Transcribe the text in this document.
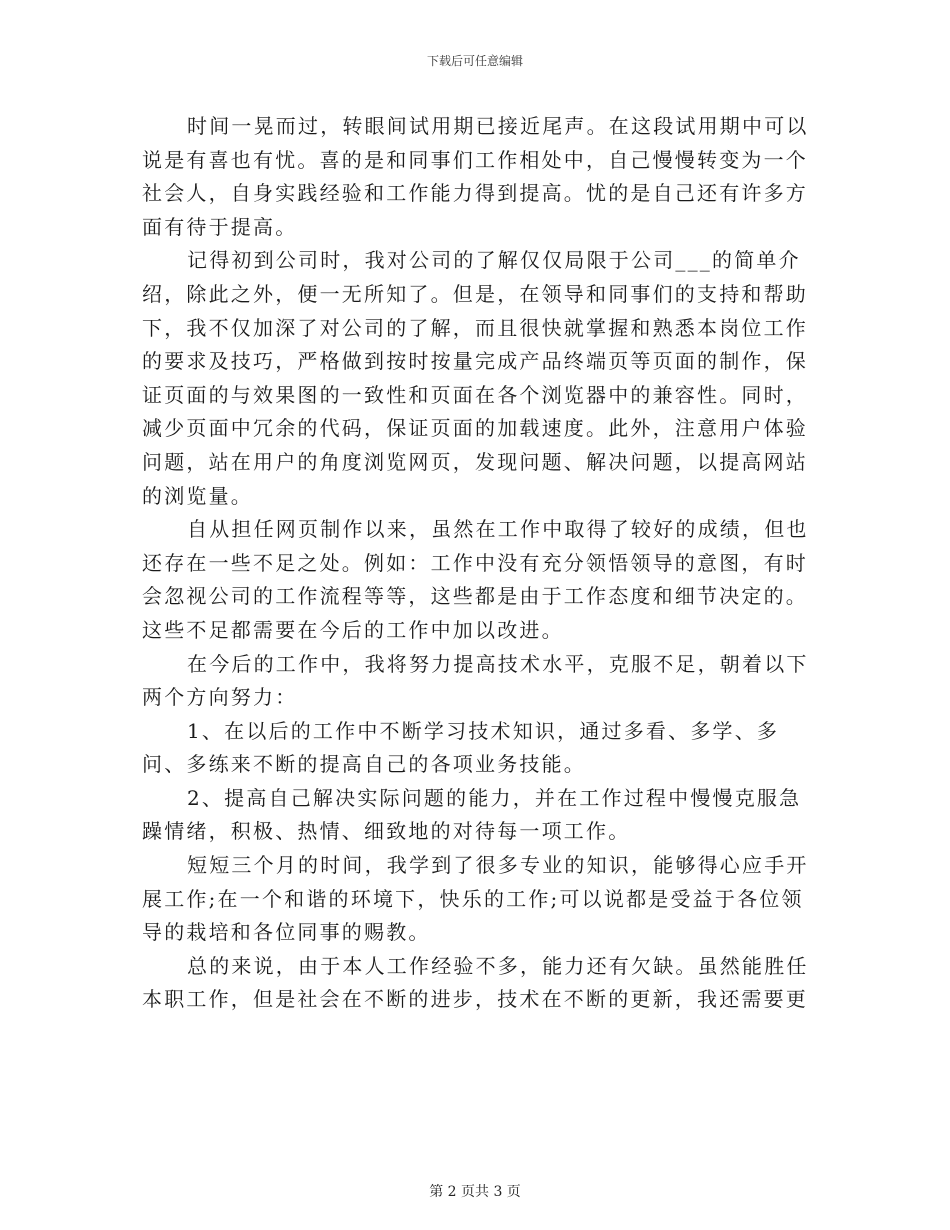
下载后可任意编辑

时间一晃而过，转眼间试用期已接近尾声。在这段试用期中可以说是有喜也有忧。喜的是和同事们工作相处中，自己慢慢转变为一个社会人，自身实践经验和工作能力得到提高。忧的是自己还有许多方面有待于提高。

记得初到公司时，我对公司的了解仅仅局限于公司___的简单介绍，除此之外，便一无所知了。但是，在领导和同事们的支持和帮助下，我不仅加深了对公司的了解，而且很快就掌握和熟悉本岗位工作的要求及技巧，严格做到按时按量完成产品终端页等页面的制作，保证页面的与效果图的一致性和页面在各个浏览器中的兼容性。同时，减少页面中冗余的代码，保证页面的加载速度。此外，注意用户体验问题，站在用户的角度浏览网页，发现问题、解决问题，以提高网站的浏览量。

自从担任网页制作以来，虽然在工作中取得了较好的成绩，但也还存在一些不足之处。例如：工作中没有充分领悟领导的意图，有时会忽视公司的工作流程等等，这些都是由于工作态度和细节决定的。这些不足都需要在今后的工作中加以改进。

在今后的工作中，我将努力提高技术水平，克服不足，朝着以下两个方向努力：

1、在以后的工作中不断学习技术知识，通过多看、多学、多问、多练来不断的提高自己的各项业务技能。

2、提高自己解决实际问题的能力，并在工作过程中慢慢克服急躁情绪，积极、热情、细致地的对待每一项工作。

短短三个月的时间，我学到了很多专业的知识，能够得心应手开展工作;在一个和谐的环境下，快乐的工作;可以说都是受益于各位领导的栽培和各位同事的赐教。

总的来说，由于本人工作经验不多，能力还有欠缺。虽然能胜任本职工作，但是社会在不断的进步，技术在不断的更新，我还需要更

第 2 页共 3 页
